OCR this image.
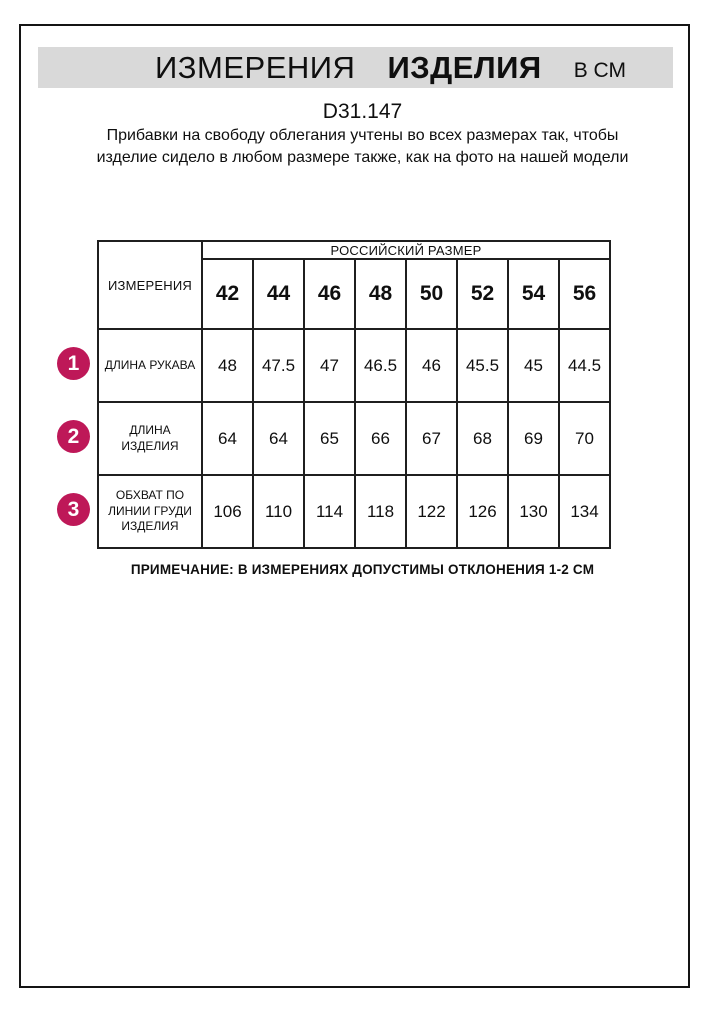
ИЗМЕРЕНИЯ ИЗДЕЛИЯ В СМ
D31.147
Прибавки на свободу облегания учтены во всех размерах так, чтобы изделие сидело в любом размере также, как на фото на нашей модели
1
2
3
ИЗМЕРЕНИЯ	РОССИЙСКИЙ РАЗМЕР							
	42	44	46	48	50	52	54	56
ДЛИНА РУКАВА	48	47.5	47	46.5	46	45.5	45	44.5
ДЛИНА ИЗДЕЛИЯ	64	64	65	66	67	68	69	70
ОБХВАТ ПО ЛИНИИ ГРУДИ ИЗДЕЛИЯ	106	110	114	118	122	126	130	134
ПРИМЕЧАНИЕ: В ИЗМЕРЕНИЯХ ДОПУСТИМЫ ОТКЛОНЕНИЯ 1-2 СМ
